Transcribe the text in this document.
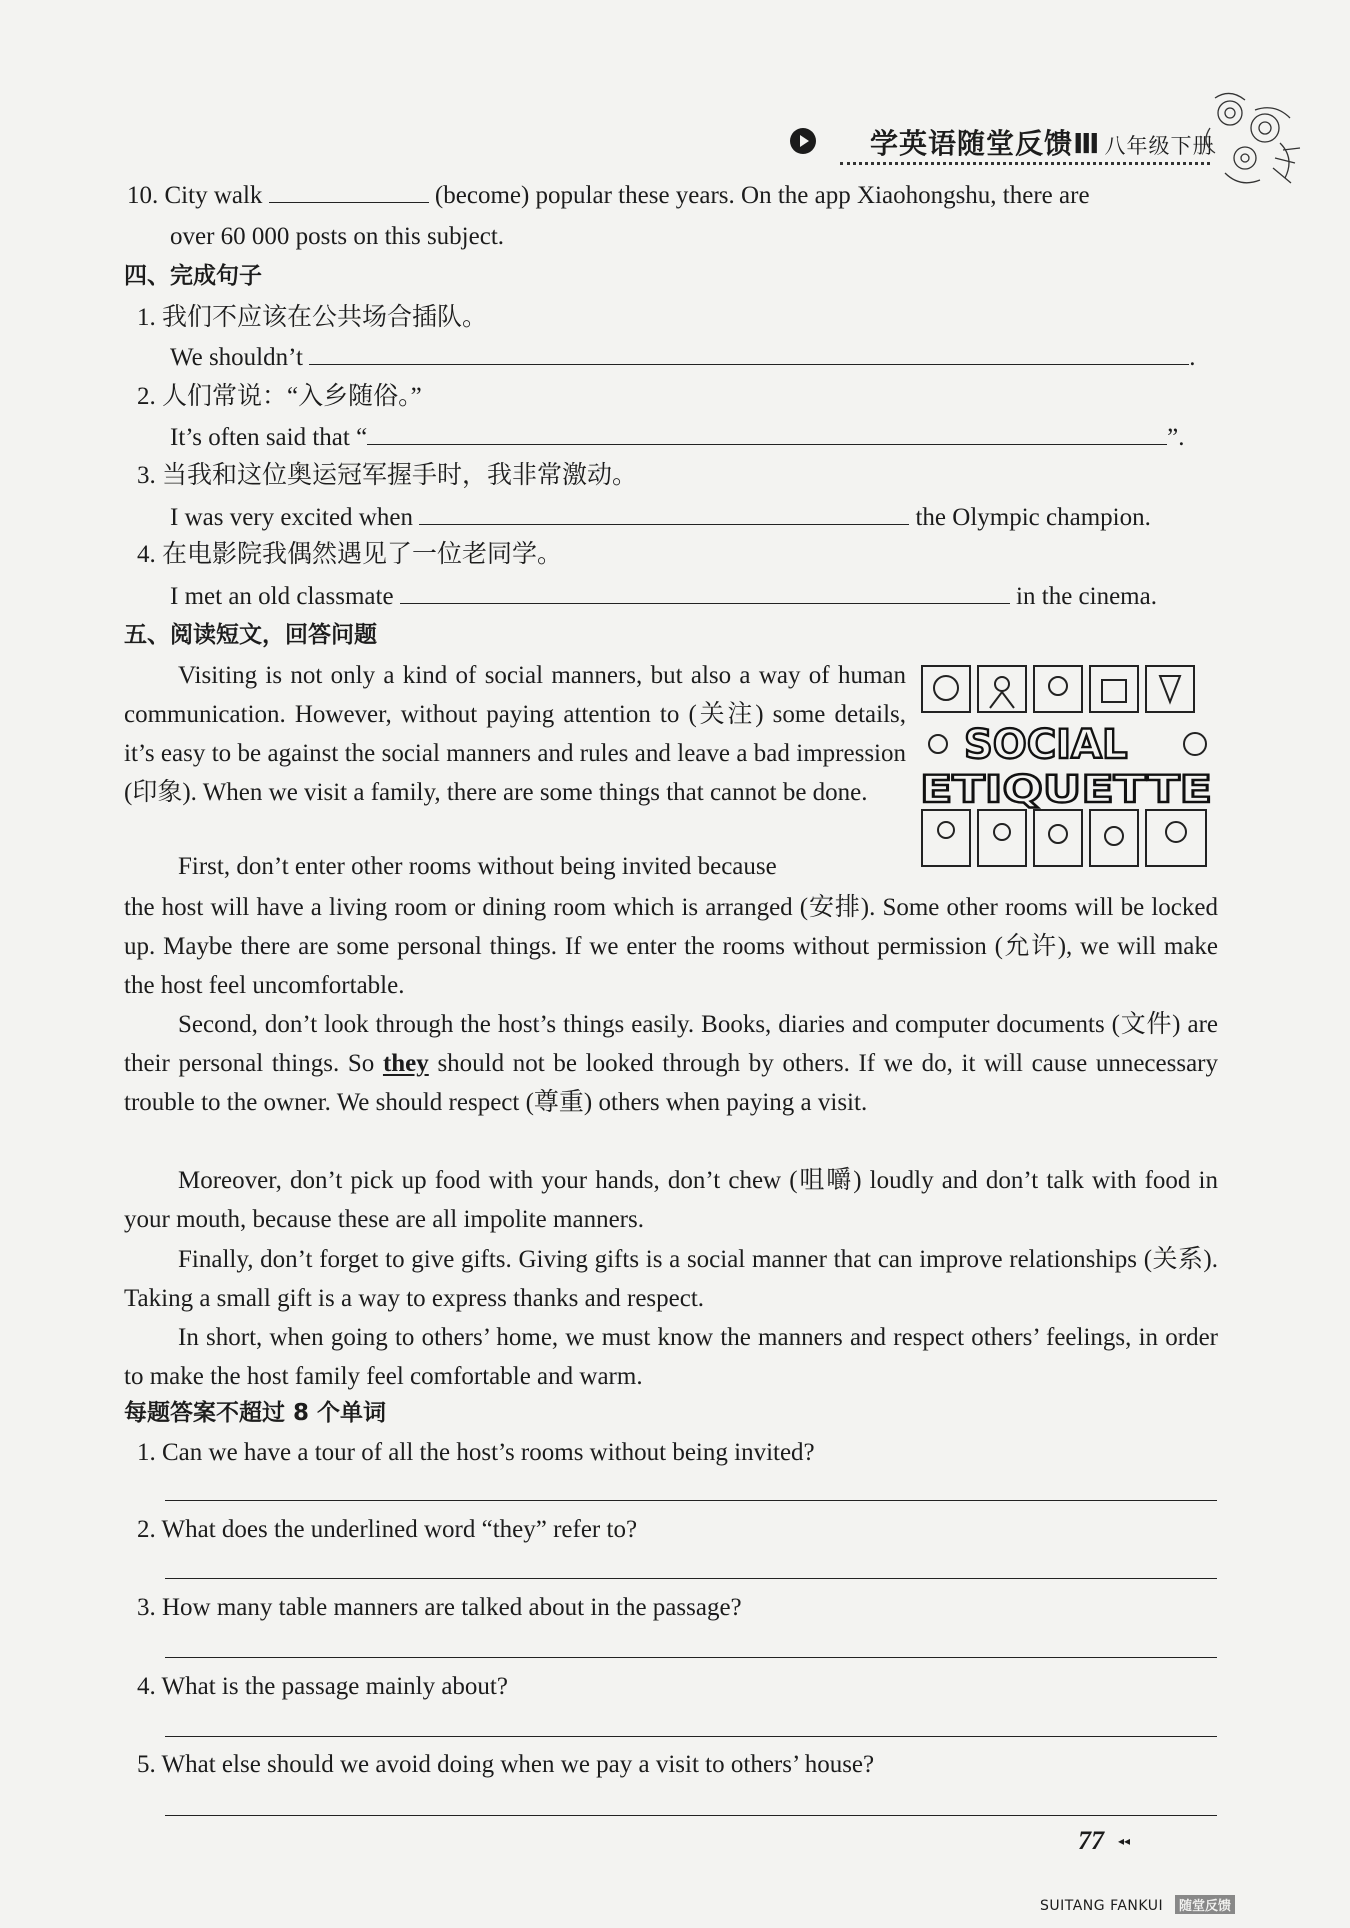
学英语随堂反馈Ⅲ 八年级下册
10. City walk	(become) popular these years. On the app Xiaohongshu, there are
over 60 000 posts on this subject.
四、完成句子
1. 我们不应该在公共场合插队。
We shouldn’t	.
2. 人们常说：“入乡随俗。”
It’s often said that “	”.
3. 当我和这位奥运冠军握手时，我非常激动。
I was very excited when	the Olympic champion.
4. 在电影院我偶然遇见了一位老同学。
I met an old classmate	in the cinema.
五、阅读短文，回答问题

Visiting is not only a kind of social manners, but also a way of human communication. However, without paying attention to (关注) some details, it’s easy to be against the social manners and rules and leave a bad impression (印象). When we visit a family, there are some things that cannot be done.

SOCIAL
ETIQUETTE
First, don’t enter other rooms without being invited because

the host will have a living room or dining room which is arranged (安排). Some other rooms will be locked up. Maybe there are some personal things. If we enter the rooms without permission (允许), we will make the host feel uncomfortable.

Second, don’t look through the host’s things easily. Books, diaries and computer documents (文件) are their personal things. So they should not be looked through by others. If we do, it will cause unnecessary trouble to the owner. We should respect (尊重) others when paying a visit.

Moreover, don’t pick up food with your hands, don’t chew (咀嚼) loudly and don’t talk with food in your mouth, because these are all impolite manners.

Finally, don’t forget to give gifts. Giving gifts is a social manner that can improve relationships (关系). Taking a small gift is a way to express thanks and respect.

In short, when going to others’ home, we must know the manners and respect others’ feelings, in order to make the host family feel comfortable and warm.

每题答案不超过 8 个单词
1. Can we have a tour of all the host’s rooms without being invited?
2. What does the underlined word “they” refer to?
3. How many table manners are talked about in the passage?
4. What is the passage mainly about?
5. What else should we avoid doing when we pay a visit to others’ house?
77 ◂◂
SUITANG FANKUI	随堂反馈
